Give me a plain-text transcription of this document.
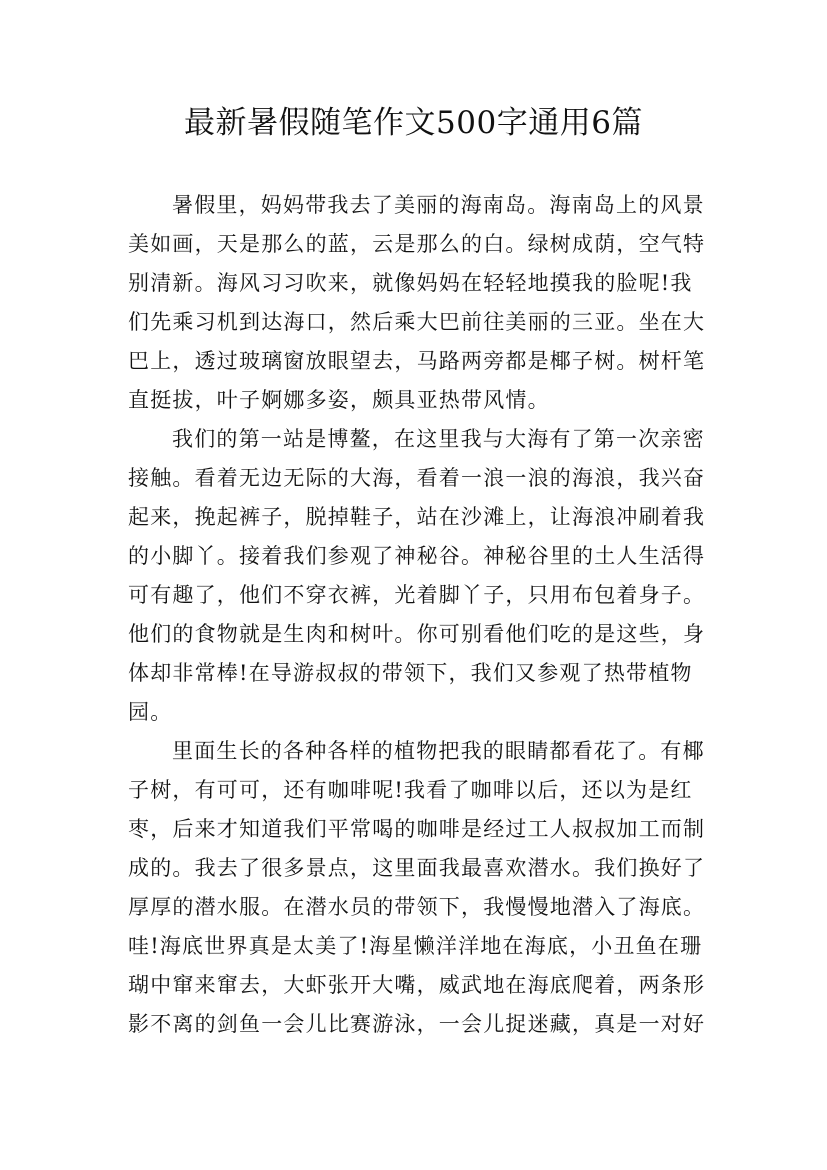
最新暑假随笔作文500字通用6篇

暑假里，妈妈带我去了美丽的海南岛。海南岛上的风景
美如画，天是那么的蓝，云是那么的白。绿树成荫，空气特
别清新。海风习习吹来，就像妈妈在轻轻地摸我的脸呢!我
们先乘习机到达海口，然后乘大巴前往美丽的三亚。坐在大
巴上，透过玻璃窗放眼望去，马路两旁都是椰子树。树杆笔
直挺拔，叶子婀娜多姿，颇具亚热带风情。

我们的第一站是博鳌，在这里我与大海有了第一次亲密
接触。看着无边无际的大海，看着一浪一浪的海浪，我兴奋
起来，挽起裤子，脱掉鞋子，站在沙滩上，让海浪冲刷着我
的小脚丫。接着我们参观了神秘谷。神秘谷里的土人生活得
可有趣了，他们不穿衣裤，光着脚丫子，只用布包着身子。
他们的食物就是生肉和树叶。你可别看他们吃的是这些，身
体却非常棒!在导游叔叔的带领下，我们又参观了热带植物
园。

里面生长的各种各样的植物把我的眼睛都看花了。有椰
子树，有可可，还有咖啡呢!我看了咖啡以后，还以为是红
枣，后来才知道我们平常喝的咖啡是经过工人叔叔加工而制
成的。我去了很多景点，这里面我最喜欢潜水。我们换好了
厚厚的潜水服。在潜水员的带领下，我慢慢地潜入了海底。
哇!海底世界真是太美了!海星懒洋洋地在海底，小丑鱼在珊
瑚中窜来窜去，大虾张开大嘴，威武地在海底爬着，两条形
影不离的剑鱼一会儿比赛游泳，一会儿捉迷藏，真是一对好
